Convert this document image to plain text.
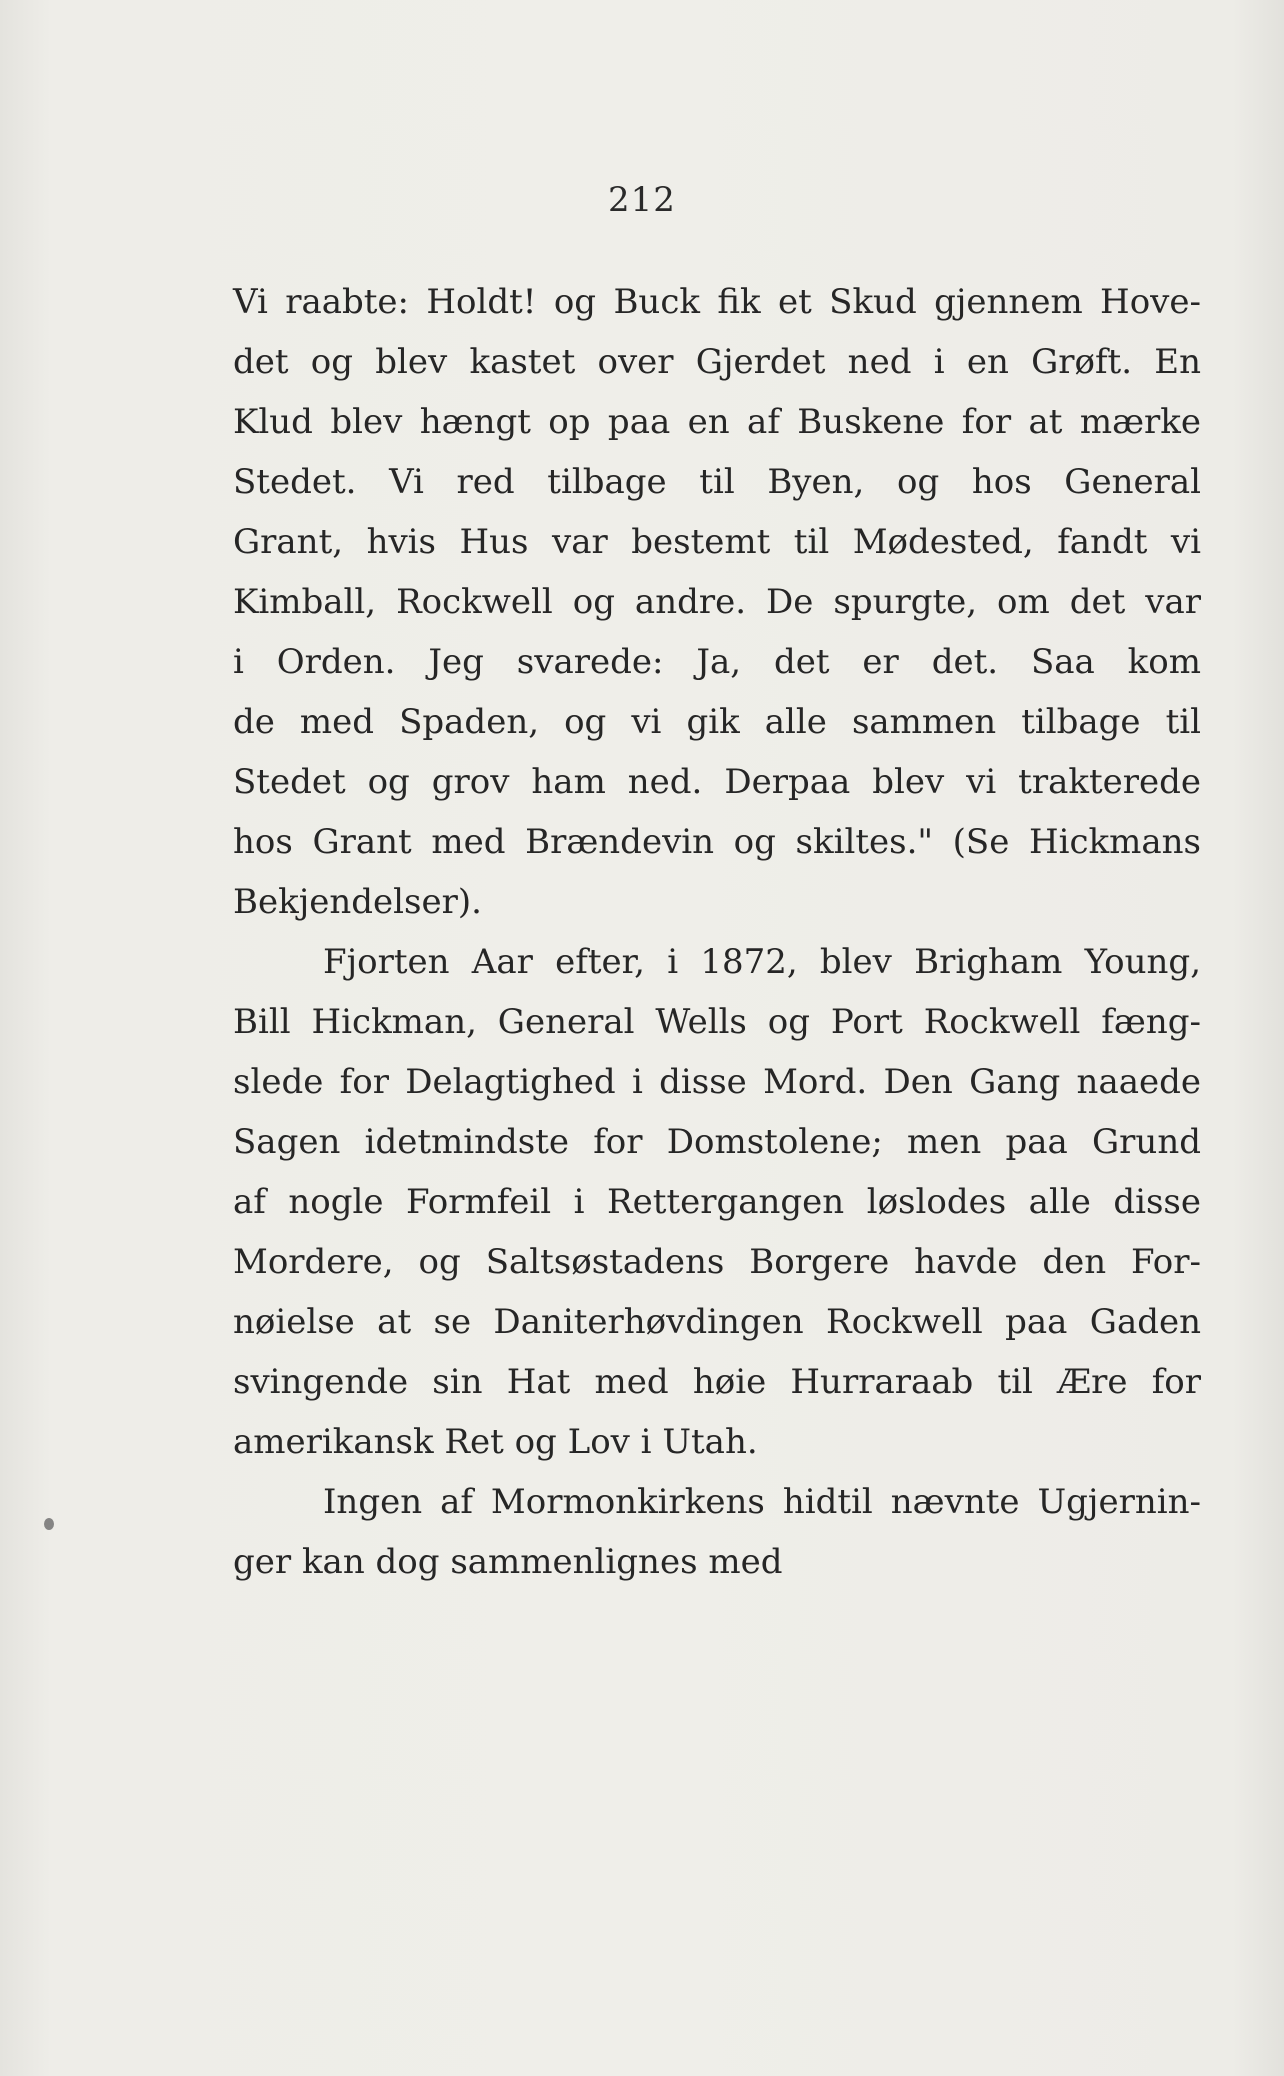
212
Vi raabte: Holdt! og Buck fik et Skud gjennem Hove-
det og blev kastet over Gjerdet ned i en Grøft. En
Klud blev hængt op paa en af Buskene for at mærke
Stedet. Vi red tilbage til Byen, og hos General
Grant, hvis Hus var bestemt til Mødested, fandt vi
Kimball, Rockwell og andre. De spurgte, om det var
i Orden. Jeg svarede: Ja, det er det. Saa kom
de med Spaden, og vi gik alle sammen tilbage til
Stedet og grov ham ned. Derpaa blev vi trakterede
hos Grant med Brændevin og skiltes." (Se Hickmans
Bekjendelser).
Fjorten Aar efter, i 1872, blev Brigham Young,
Bill Hickman, General Wells og Port Rockwell fæng-
slede for Delagtighed i disse Mord. Den Gang naaede
Sagen idetmindste for Domstolene; men paa Grund
af nogle Formfeil i Rettergangen løslodes alle disse
Mordere, og Saltsøstadens Borgere havde den For-
nøielse at se Daniterhøvdingen Rockwell paa Gaden
svingende sin Hat med høie Hurraraab til Ære for
amerikansk Ret og Lov i Utah.
Ingen af Mormonkirkens hidtil nævnte Ugjernin-
ger kan dog sammenlignes med
